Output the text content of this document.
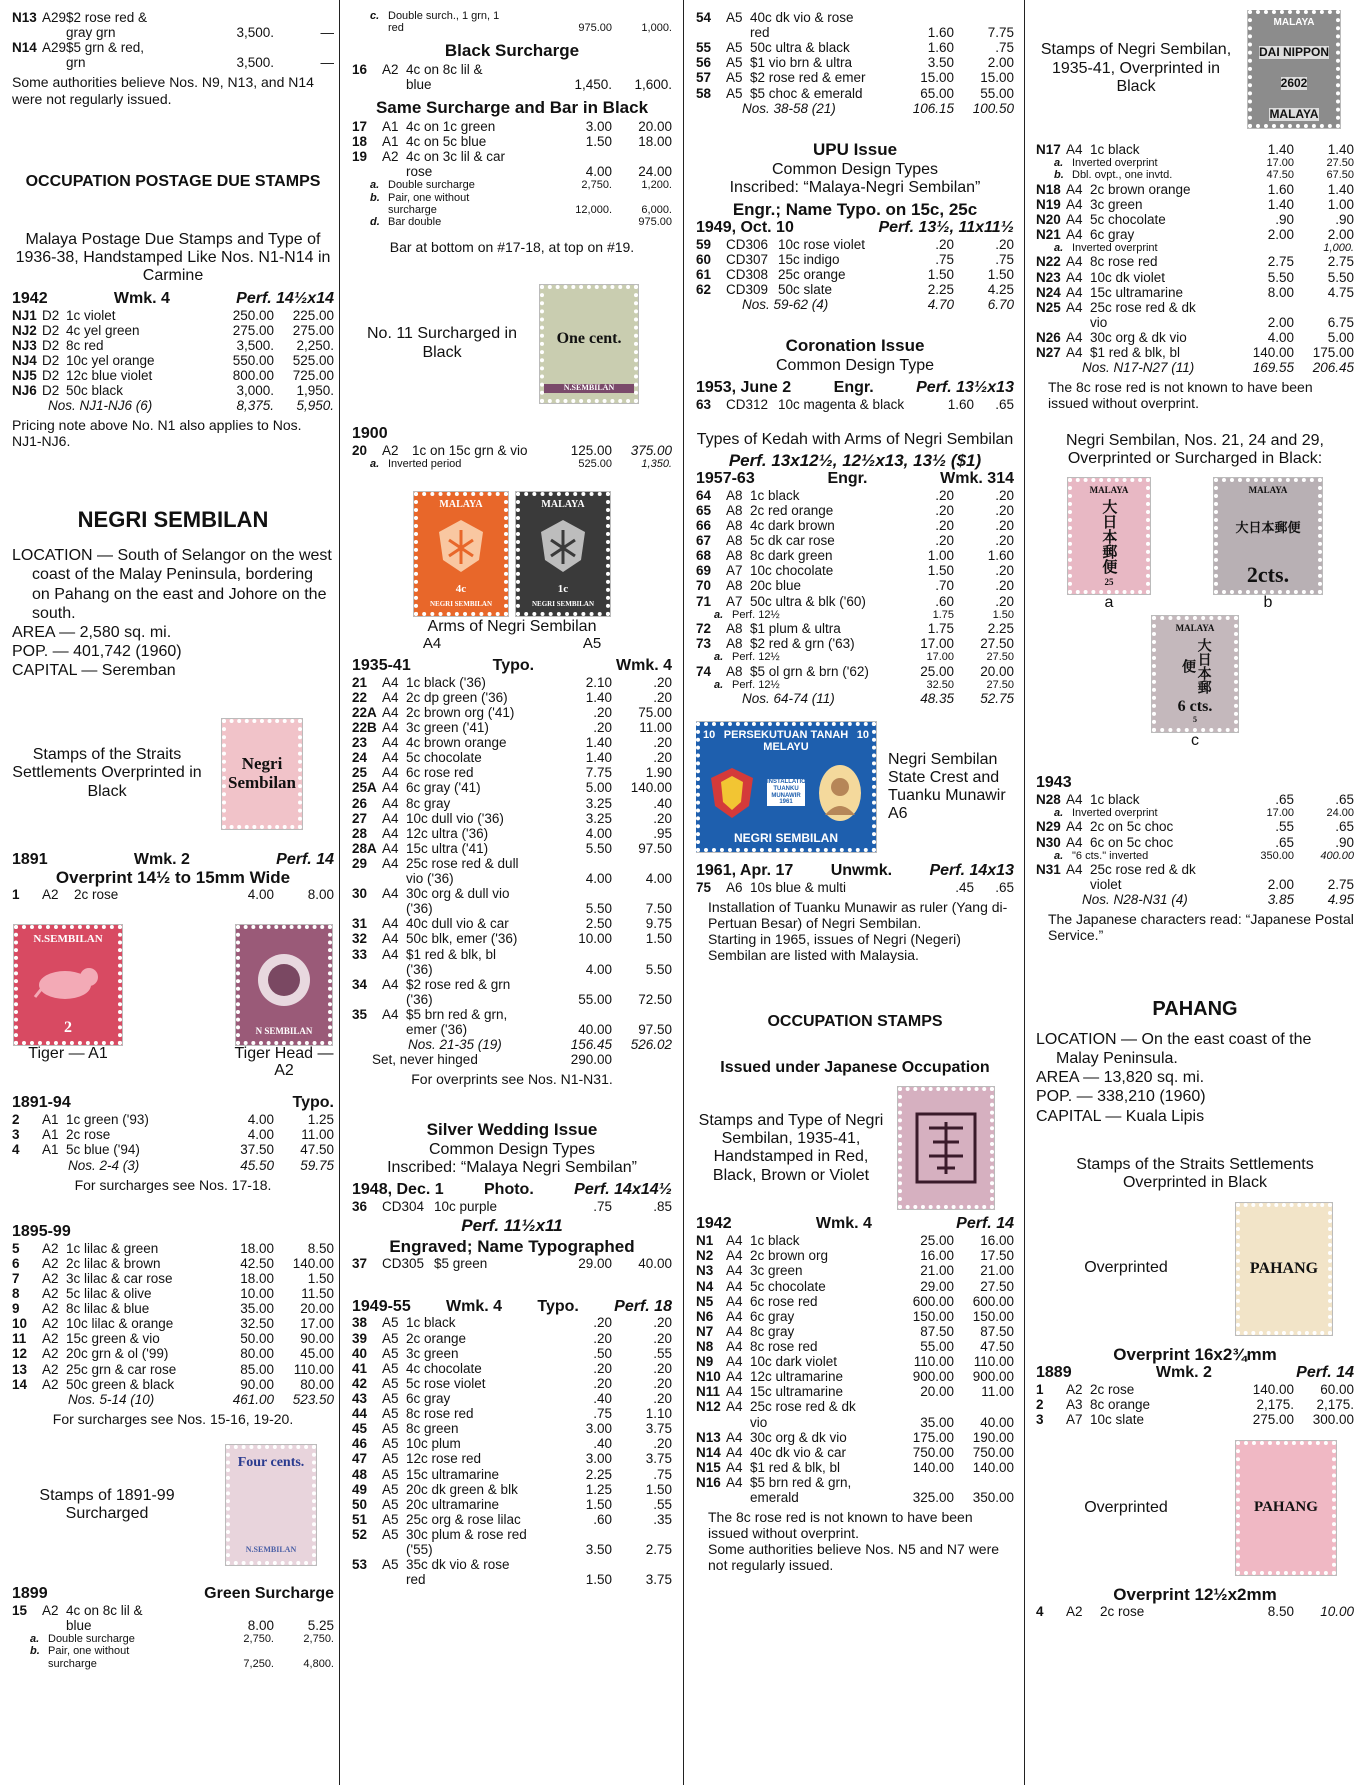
N13 A29 $2 rose red &
gray grn	3,500.	—
N14 A29 $5 grn & red,
grn	3,500.	—

Some authorities believe Nos. N9, N13, and N14 were not regularly issued.

OCCUPATION POSTAGE DUE STAMPS
Malaya Postage Due Stamps and Type of 1936-38, Handstamped Like Nos. N1-N14 in Carmine
1942	Wmk. 4	Perf. 14½x14
NJ1 D2 1c violet	250.00	225.00
NJ2 D2 4c yel green	275.00	275.00
NJ3 D2 8c red	3,500.	2,250.
NJ4 D2 10c yel orange	550.00	525.00
NJ5 D2 12c blue violet	800.00	725.00
NJ6 D2 50c black	3,000.	1,950.
Nos. NJ1-NJ6 (6)	8,375.	5,950.

Pricing note above No. N1 also applies to Nos. NJ1-NJ6.

NEGRI SEMBILAN
LOCATION — South of Selangor on the west coast of the Malay Peninsula, bordering on Pahang on the east and Johore on the south.
AREA — 2,580 sq. mi.
POP. — 401,742 (1960)
CAPITAL — Seremban
Stamps of the Straits Settlements Overprinted in Black
Negri Sembilan
1891	Wmk. 2	Perf. 14
Overprint 14½ to 15mm Wide
1	A2	2c rose	4.00	8.00
N.SEMBILAN
2
Tiger — A1
N SEMBILAN
Tiger Head — A2
1891-94	Typo.
2	A1 1c green ('93)	4.00	1.25
3	A1 2c rose	4.00	11.00
4	A1 5c blue ('94)	37.50	47.50
Nos. 2-4 (3)	45.50	59.75

For surcharges see Nos. 17-18.

1895-99
5	A2 1c lilac & green	18.00	8.50
6	A2 2c lilac & brown	42.50	140.00
7	A2 3c lilac & car rose	18.00	1.50
8	A2 5c lilac & olive	10.00	11.50
9	A2 8c lilac & blue	35.00	20.00
10	A2 10c lilac & orange	32.50	17.00
11	A2 15c green & vio	50.00	90.00
12	A2 20c grn & ol ('99)	80.00	45.00
13	A2 25c grn & car rose	85.00	110.00
14	A2 50c green & black	90.00	80.00
Nos. 5-14 (10)	461.00	523.50

For surcharges see Nos. 15-16, 19-20.

Stamps of 1891-99 Surcharged
Four cents.
N.SEMBILAN
1899	Green Surcharge
15	A2 4c on 8c lil &
blue	8.00	5.25
a. Double surcharge	2,750.	2,750.
b. Pair, one without
surcharge	7,250.	4,800.
c. Double surch., 1 grn, 1
red	975.00	1,000.
Black Surcharge
16	A2 4c on 8c lil &
blue	1,450.	1,600.
Same Surcharge and Bar in Black
17	A1 4c on 1c green	3.00	20.00
18	A1 4c on 5c blue	1.50	18.00
19	A2 4c on 3c lil & car
rose	4.00	24.00
a. Double surcharge	2,750.	1,200.
b. Pair, one without
surcharge	12,000.	6,000.
d. Bar double	975.00

Bar at bottom on #17-18, at top on #19.

No. 11 Surcharged in Black
One cent.
N.SEMBILAN
1900
20	A2 1c on 15c grn & vio	125.00	375.00
a. Inverted period	525.00	1,350.
MALAYA
4c
NEGRI SEMBILAN
MALAYA
1c
NEGRI SEMBILAN
Arms of Negri Sembilan
A4	A5
1935-41	Typo.	Wmk. 4
21	A4 1c black ('36)	2.10	.20
22	A4 2c dp green ('36)	1.40	.20
22A A4 2c brown org ('41)	.20	75.00
22B A4 3c green ('41)	.20	11.00
23	A4 4c brown orange	1.40	.20
24	A4 5c chocolate	1.40	.20
25	A4 6c rose red	7.75	1.90
25A A4 6c gray ('41)	5.00	140.00
26	A4 8c gray	3.25	.40
27	A4 10c dull vio ('36)	3.25	.20
28	A4 12c ultra ('36)	4.00	.95
28A A4 15c ultra ('41)	5.50	97.50
29	A4 25c rose red & dull
vio ('36)	4.00	4.00
30	A4 30c org & dull vio
('36)	5.50	7.50
31	A4 40c dull vio & car	2.50	9.75
32	A4 50c blk, emer ('36)	10.00	1.50
33	A4 $1 red & blk, bl
('36)	4.00	5.50
34	A4 $2 rose red & grn
('36)	55.00	72.50
35	A4 $5 brn red & grn,
emer ('36)	40.00	97.50
Nos. 21-35 (19)	156.45	526.02
Set, never hinged	290.00

For overprints see Nos. N1-N31.

Silver Wedding Issue
Common Design Types
Inscribed: “Malaya Negri Sembilan”
1948, Dec. 1	Photo.	Perf. 14x14½
36	CD304 10c purple	.75	.85
Perf. 11½x11
Engraved; Name Typographed
37	CD305 $5 green	29.00	40.00
1949-55 Wmk. 4 Typo. Perf. 18
38	A5 1c black	.20	.20
39	A5 2c orange	.20	.20
40	A5 3c green	.50	.55
41	A5 4c chocolate	.20	.20
42	A5 5c rose violet	.20	.20
43	A5 6c gray	.40	.20
44	A5 8c rose red	.75	1.10
45	A5 8c green	3.00	3.75
46	A5 10c plum	.40	.20
47	A5 12c rose red	3.00	3.75
48	A5 15c ultramarine	2.25	.75
49	A5 20c dk green & blk	1.25	1.50
50	A5 20c ultramarine	1.50	.55
51	A5 25c org & rose lilac	.60	.35
52	A5 30c plum & rose red
('55)	3.50	2.75
53	A5 35c dk vio & rose
red	1.50	3.75
54	A5 40c dk vio & rose
red	1.60	7.75
55	A5 50c ultra & black	1.60	.75
56	A5 $1 vio brn & ultra	3.50	2.00
57	A5 $2 rose red & emer	15.00	15.00
58	A5 $5 choc & emerald	65.00	55.00
Nos. 38-58 (21)	106.15	100.50
UPU Issue
Common Design Types
Inscribed: “Malaya-Negri Sembilan”
Engr.; Name Typo. on 15c, 25c
1949, Oct. 10	Perf. 13½, 11x11½
59	CD306 10c rose violet	.20	.20
60	CD307 15c indigo	.75	.75
61	CD308 25c orange	1.50	1.50
62	CD309 50c slate	2.25	4.25
Nos. 59-62 (4)	4.70	6.70
Coronation Issue
Common Design Type
1953, June 2	Engr.	Perf. 13½x13
63	CD312 10c magenta & black	1.60	.65
Types of Kedah with Arms of Negri Sembilan
Perf. 13x12½, 12½x13, 13½ ($1)
1957-63	Engr.	Wmk. 314
64	A8 1c black	.20	.20
65	A8 2c red orange	.20	.20
66	A8 4c dark brown	.20	.20
67	A8 5c dk car rose	.20	.20
68	A8 8c dark green	1.00	1.60
69	A7 10c chocolate	1.50	.20
70	A8 20c blue	.70	.20
71	A7 50c ultra & blk ('60)	.60	.20
a. Perf. 12½	1.75	1.50
72	A8 $1 plum & ultra	1.75	2.25
73	A8 $2 red & grn ('63)	17.00	27.50
a. Perf. 12½	17.00	27.50
74	A8 $5 ol grn & brn ('62)	25.00	20.00
a. Perf. 12½	32.50	27.50
Nos. 64-74 (11)	48.35	52.75
10 PERSEKUTUAN TANAH MELAYU
10
INSTALLATION TUANKU MUNAWIR 1961
NEGRI SEMBILAN
Negri Sembilan State Crest and Tuanku Munawir A6
1961, Apr. 17 Unwmk. Perf. 14x13
75	A6 10s blue & multi	.45	.65

Installation of Tuanku Munawir as ruler (Yang di-Pertuan Besar) of Negri Sembilan.

Starting in 1965, issues of Negri (Negeri) Sembilan are listed with Malaysia.

OCCUPATION STAMPS
Issued under Japanese Occupation
Stamps and Type of Negri Sembilan, 1935-41, Handstamped in Red, Black, Brown or Violet
1942	Wmk. 4	Perf. 14
N1 A4 1c black	25.00	16.00
N2 A4 2c brown org	16.00	17.50
N3 A4 3c green	21.00	21.00
N4 A4 5c chocolate	29.00	27.50
N5 A4 6c rose red	600.00	600.00
N6 A4 6c gray	150.00	150.00
N7 A4 8c gray	87.50	87.50
N8 A4 8c rose red	55.00	47.50
N9 A4 10c dark violet	110.00	110.00
N10 A4 12c ultramarine	900.00	900.00
N11 A4 15c ultramarine	20.00	11.00
N12 A4 25c rose red & dk
vio	35.00	40.00
N13 A4 30c org & dk vio	175.00	190.00
N14 A4 40c dk vio & car	750.00	750.00
N15 A4 $1 red & blk, bl	140.00	140.00
N16 A4 $5 brn red & grn,
emerald	325.00	350.00

The 8c rose red is not known to have been issued without overprint.

Some authorities believe Nos. N5 and N7 were not regularly issued.

Stamps of Negri Sembilan, 1935-41, Overprinted in Black
MALAYA
DAI NIPPON
2602
MALAYA
N17 A4 1c black	1.40	1.40
a. Inverted overprint	17.00	27.50
b. Dbl. ovpt., one invtd.	47.50	67.50
N18 A4 2c brown orange	1.60	1.40
N19 A4 3c green	1.40	1.00
N20 A4 5c chocolate	.90	.90
N21 A4 6c gray	2.00	2.00
a. Inverted overprint	1,000.
N22 A4 8c rose red	2.75	2.75
N23 A4 10c dk violet	5.50	5.50
N24 A4 15c ultramarine	8.00	4.75
N25 A4 25c rose red & dk
vio	2.00	6.75
N26 A4 30c org & dk vio	4.00	5.00
N27 A4 $1 red & blk, bl	140.00	175.00
Nos. N17-N27 (11)	169.55	206.45

The 8c rose red is not known to have been issued without overprint.

Negri Sembilan, Nos. 21, 24 and 29, Overprinted or Surcharged in Black:
MALAYA
大日本郵便
25
a
MALAYA
大日本郵便
2cts.
b
MALAYA
大日本郵便
6 cts.
5
c
1943
N28 A4 1c black	.65	.65
a. Inverted overprint	17.00	24.00
N29 A4 2c on 5c choc	.55	.65
N30 A4 6c on 5c choc	.65	.90
a. "6 cts." inverted	350.00	400.00
N31 A4 25c rose red & dk
violet	2.00	2.75
Nos. N28-N31 (4)	3.85	4.95

The Japanese characters read: “Japanese Postal Service.”

PAHANG
LOCATION — On the east coast of the Malay Peninsula.
AREA — 13,820 sq. mi.
POP. — 338,210 (1960)
CAPITAL — Kuala Lipis
Stamps of the Straits Settlements Overprinted in Black
Overprinted	PAHANG
Overprint 16x2¾mm
1889	Wmk. 2	Perf. 14
1	A2 2c rose	140.00	60.00
2	A3 8c orange	2,175.	2,175.
3	A7 10c slate	275.00	300.00
Overprinted	PAHANG
Overprint 12½x2mm
4	A2	2c rose	8.50	10.00
